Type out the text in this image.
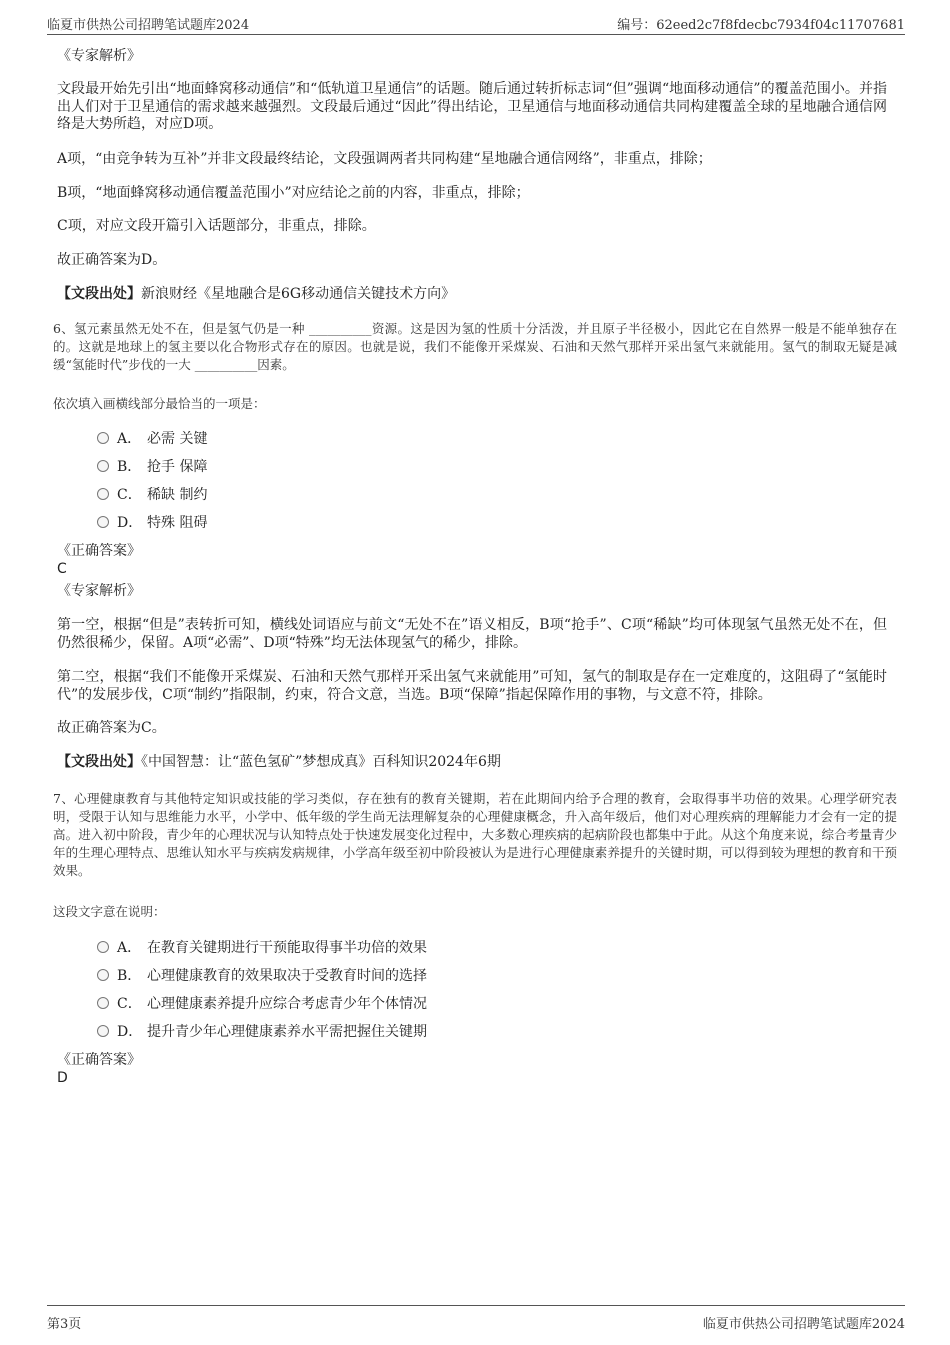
临夏市供热公司招聘笔试题库2024	编号：62eed2c7f8fdecbc7934f04c11707681
《专家解析》
文段最开始先引出“地面蜂窝移动通信”和“低轨道卫星通信”的话题。随后通过转折标志词“但”强调“地面移动通信”的覆盖范围小。并指出人们对于卫星通信的需求越来越强烈。文段最后通过“因此”得出结论，卫星通信与地面移动通信共同构建覆盖全球的星地融合通信网络是大势所趋，对应D项。
A项，“由竞争转为互补”并非文段最终结论，文段强调两者共同构建“星地融合通信网络”，非重点，排除；
B项，“地面蜂窝移动通信覆盖范围小”对应结论之前的内容，非重点，排除；
C项，对应文段开篇引入话题部分，非重点，排除。
故正确答案为D。
【文段出处】新浪财经《星地融合是6G移动通信关键技术方向》
6、氢元素虽然无处不在，但是氢气仍是一种 __________资源。这是因为氢的性质十分活泼，并且原子半径极小，因此它在自然界一般是不能单独存在的。这就是地球上的氢主要以化合物形式存在的原因。也就是说，我们不能像开采煤炭、石油和天然气那样开采出氢气来就能用。氢气的制取无疑是减缓“氢能时代”步伐的一大 __________因素。
依次填入画横线部分最恰当的一项是：
A． 必需 关键
B． 抢手 保障
C． 稀缺 制约
D． 特殊 阻碍
《正确答案》
C
《专家解析》
第一空，根据“但是”表转折可知，横线处词语应与前文“无处不在”语义相反，B项“抢手”、C项“稀缺”均可体现氢气虽然无处不在，但仍然很稀少，保留。A项“必需”、D项“特殊”均无法体现氢气的稀少，排除。
第二空，根据“我们不能像开采煤炭、石油和天然气那样开采出氢气来就能用”可知，氢气的制取是存在一定难度的，这阻碍了“氢能时代”的发展步伐，C项“制约”指限制，约束，符合文意，当选。B项“保障”指起保障作用的事物，与文意不符，排除。
故正确答案为C。
【文段出处】《中国智慧：让“蓝色氢矿”梦想成真》百科知识2024年6期
7、心理健康教育与其他特定知识或技能的学习类似，存在独有的教育关键期，若在此期间内给予合理的教育，会取得事半功倍的效果。心理学研究表明，受限于认知与思维能力水平，小学中、低年级的学生尚无法理解复杂的心理健康概念，升入高年级后，他们对心理疾病的理解能力才会有一定的提高。进入初中阶段，青少年的心理状况与认知特点处于快速发展变化过程中，大多数心理疾病的起病阶段也都集中于此。从这个角度来说，综合考量青少年的生理心理特点、思维认知水平与疾病发病规律，小学高年级至初中阶段被认为是进行心理健康素养提升的关键时期，可以得到较为理想的教育和干预效果。
这段文字意在说明：
A． 在教育关键期进行干预能取得事半功倍的效果
B． 心理健康教育的效果取决于受教育时间的选择
C． 心理健康素养提升应综合考虑青少年个体情况
D． 提升青少年心理健康素养水平需把握住关键期
《正确答案》
D
第3页	临夏市供热公司招聘笔试题库2024
